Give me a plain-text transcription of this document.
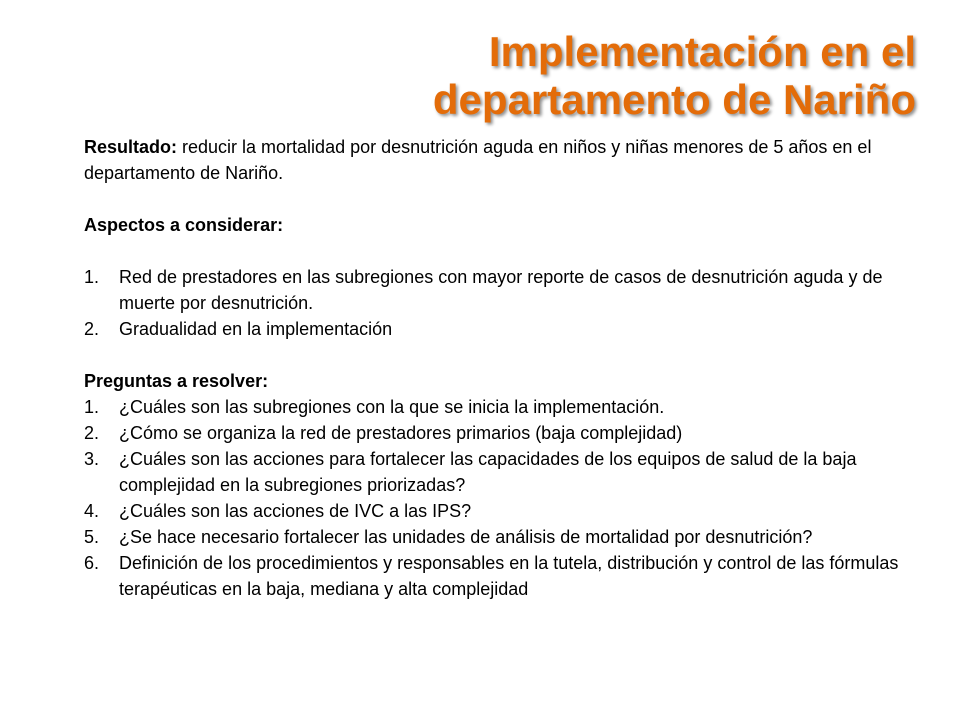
Implementación en el
departamento de Nariño

Resultado: reducir la mortalidad por desnutrición aguda en niños y niñas menores de 5 años en el departamento de Nariño.

Aspectos a considerar:

1. Red de prestadores en las subregiones con mayor reporte de casos de desnutrición aguda y de muerte por desnutrición.
2. Gradualidad en la implementación

Preguntas a resolver:

1. ¿Cuáles son las subregiones con la que se inicia la implementación.
2. ¿Cómo se organiza la red de prestadores primarios (baja complejidad)
3. ¿Cuáles son las acciones para fortalecer las capacidades de los equipos de salud de la baja complejidad en la subregiones priorizadas?
4. ¿Cuáles son las acciones de IVC a las IPS?
5. ¿Se hace necesario fortalecer las unidades de análisis de mortalidad por desnutrición?
6. Definición de los procedimientos y responsables en la tutela, distribución y control de las fórmulas terapéuticas en la baja, mediana y alta complejidad
